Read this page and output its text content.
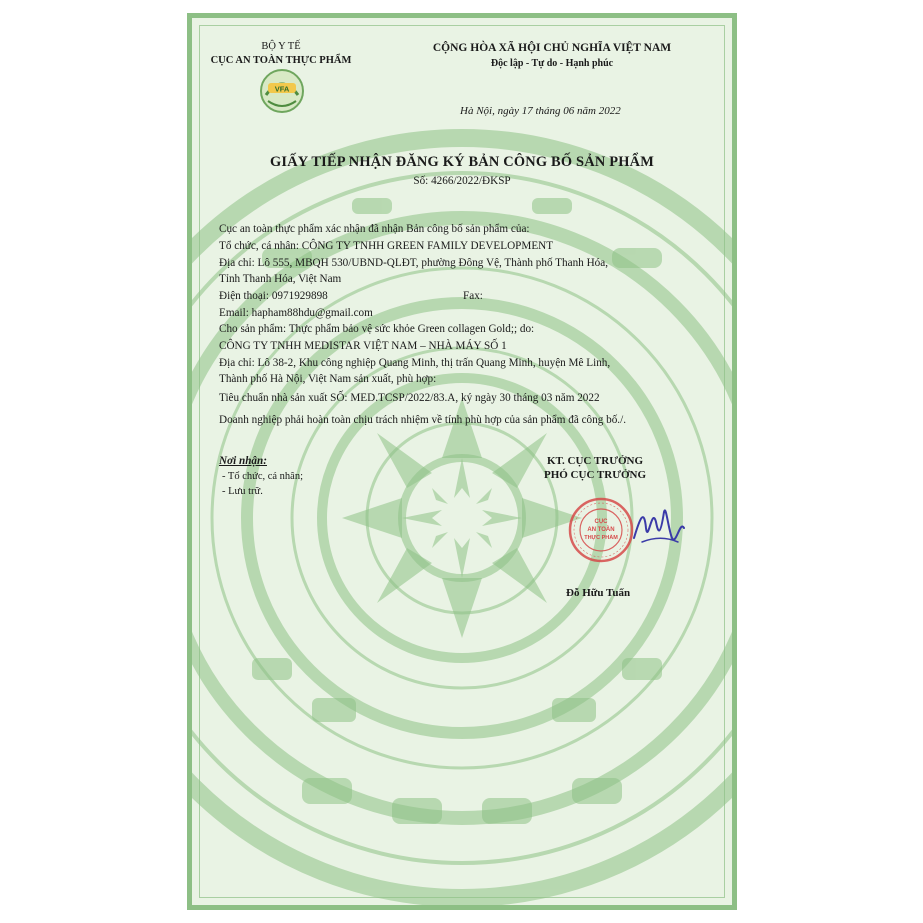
BỘ Y TẾ
CỤC AN TOÀN THỰC PHẨM
VFA
CỘNG HÒA XÃ HỘI CHỦ NGHĨA VIỆT NAM
Độc lập - Tự do - Hạnh phúc
Hà Nội, ngày 17 tháng 06 năm 2022
GIẤY TIẾP NHẬN ĐĂNG KÝ BẢN CÔNG BỐ SẢN PHẨM
Số: 4266/2022/ĐKSP
Cục an toàn thực phẩm xác nhận đã nhận Bản công bố sản phẩm của:
Tổ chức, cá nhân: CÔNG TY TNHH GREEN FAMILY DEVELOPMENT
Địa chỉ: Lô 555, MBQH 530/UBND-QLĐT, phường Đông Vệ, Thành phố Thanh Hóa,
Tỉnh Thanh Hóa, Việt Nam
Điện thoại: 0971929898	Fax:
Email: hapham88hdu@gmail.com
Cho sản phẩm: Thực phẩm bảo vệ sức khỏe Green collagen Gold;; do:
CÔNG TY TNHH MEDISTAR VIỆT NAM – NHÀ MÁY SỐ 1
Địa chỉ: Lô 38-2, Khu công nghiệp Quang Minh, thị trấn Quang Minh, huyện Mê Linh,
Thành phố Hà Nội, Việt Nam sản xuất, phù hợp:
Tiêu chuẩn nhà sản xuất SỐ: MED.TCSP/2022/83.A, ký ngày 30 tháng 03 năm 2022
Doanh nghiệp phải hoàn toàn chịu trách nhiệm về tính phù hợp của sản phẩm đã công bố./.
Nơi nhận:
- Tổ chức, cá nhân;
- Lưu trữ.
KT. CỤC TRƯỞNG
PHÓ CỤC TRƯỞNG
CỤC
AN TOÀN
THỰC PHẨM
Đỗ Hữu Tuấn
